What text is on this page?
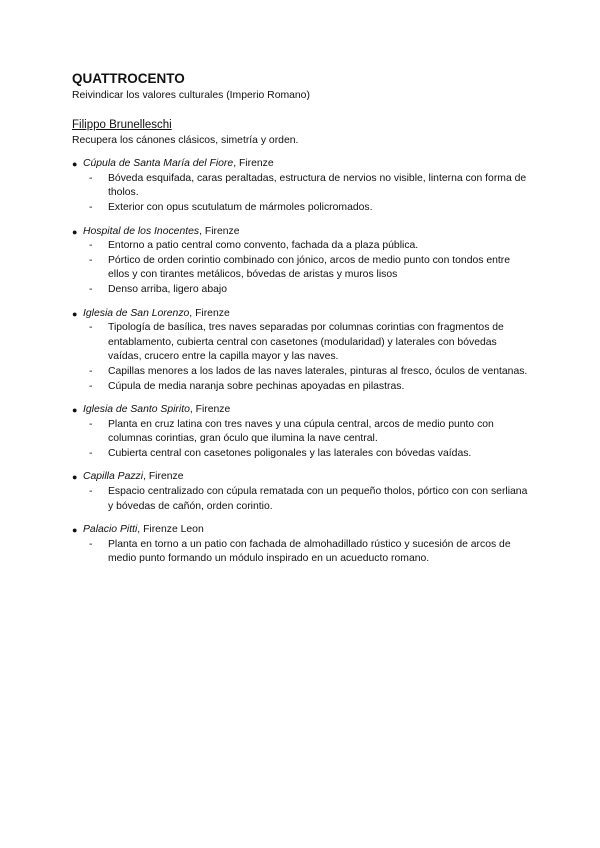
QUATTROCENTO
Reivindicar los valores culturales (Imperio Romano)
Filippo Brunelleschi
Recupera los cánones clásicos, simetría y orden.
● Cúpula de Santa María del Fiore, Firenze
-	Bóveda esquifada, caras peraltadas, estructura de nervios no visible, linterna con forma de tholos.
-	Exterior con opus scutulatum de mármoles policromados.
● Hospital de los Inocentes, Firenze
-	Entorno a patio central como convento, fachada da a plaza pública.
-	Pórtico de orden corintio combinado con jónico, arcos de medio punto con tondos entre ellos y con tirantes metálicos, bóvedas de aristas y muros lisos
-	Denso arriba, ligero abajo
● Iglesia de San Lorenzo, Firenze
-	Tipología de basílica, tres naves separadas por columnas corintias con fragmentos de entablamento, cubierta central con casetones (modularidad) y laterales con bóvedas vaídas, crucero entre la capilla mayor y las naves.
-	Capillas menores a los lados de las naves laterales, pinturas al fresco, óculos de ventanas.
-	Cúpula de media naranja sobre pechinas apoyadas en pilastras.
● Iglesia de Santo Spirito, Firenze
-	Planta en cruz latina con tres naves y una cúpula central, arcos de medio punto con columnas corintias, gran óculo que ilumina la nave central.
-	Cubierta central con casetones poligonales y las laterales con bóvedas vaídas.
● Capilla Pazzi, Firenze
-	Espacio centralizado con cúpula rematada con un pequeño tholos, pórtico con con serliana y bóvedas de cañón, orden corintio.
● Palacio Pitti, Firenze Leon
-	Planta en torno a un patio con fachada de almohadillado rústico y sucesión de arcos de medio punto formando un módulo inspirado en un acueducto romano.
